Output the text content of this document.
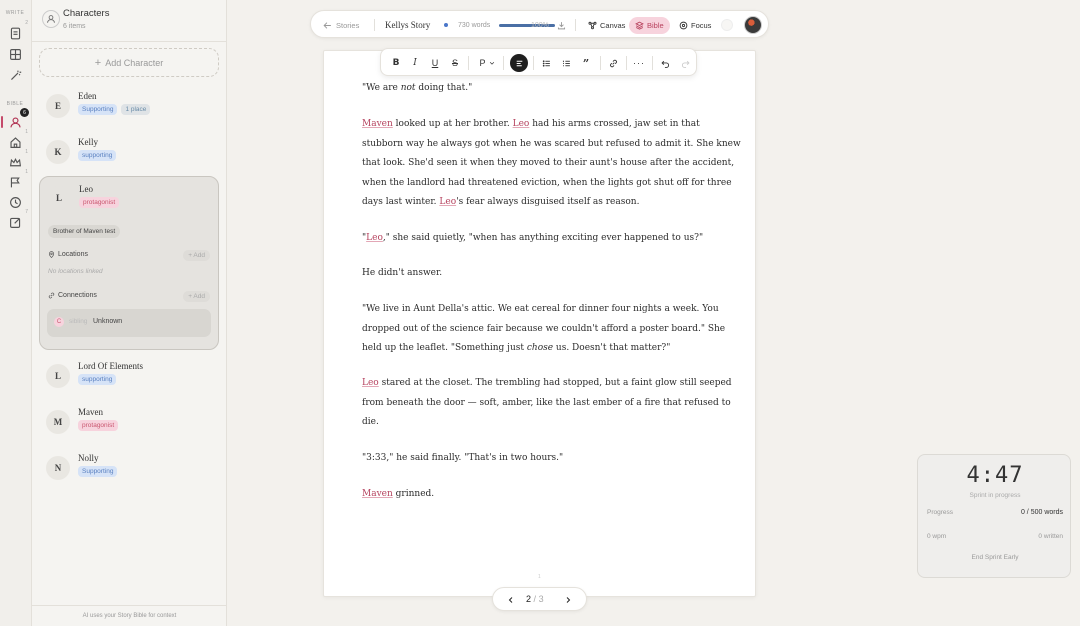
WRITE
2
BIBLE
6
1
1
1
7
Characters
6 items
+ Add Character
E
Eden
Supporting	1 place
K
Kelly
supporting
L
Leo
protagonist
Brother of Maven test
Locations	+ Add
No locations linked
Connections	+ Add
C	sibling Unknown
L
Lord Of Elements
supporting
M
Maven
protagonist
N
Nolly
Supporting
AI uses your Story Bible for context
Stories	Kellys Story	730 words	100%	Canvas	Bible	Focus

"We are not doing that."

Maven looked up at her brother. Leo had his arms crossed, jaw set in that

stubborn way he always got when he was scared but refused to admit it. She knew

that look. She'd seen it when they moved to their aunt's house after the accident,

when the landlord had threatened eviction, when the lights got shut off for three

days last winter. Leo's fear always disguised itself as reason.

"Leo," she said quietly, "when has anything exciting ever happened to us?"

He didn't answer.

"We live in Aunt Della's attic. We eat cereal for dinner four nights a week. You

dropped out of the science fair because we couldn't afford a poster board." She

held up the leaflet. "Something just chose us. Doesn't that matter?"

Leo stared at the closet. The trembling had stopped, but a faint glow still seeped

from beneath the door — soft, amber, like the last ember of a fire that refused to

die.

"3:33," he said finally. "That's in two hours."

Maven grinned.

1
B I U S P	”	···
2 / 3
4:47
Sprint in progress
Progress	0 / 500 words
0 wpm	0 written
End Sprint Early
